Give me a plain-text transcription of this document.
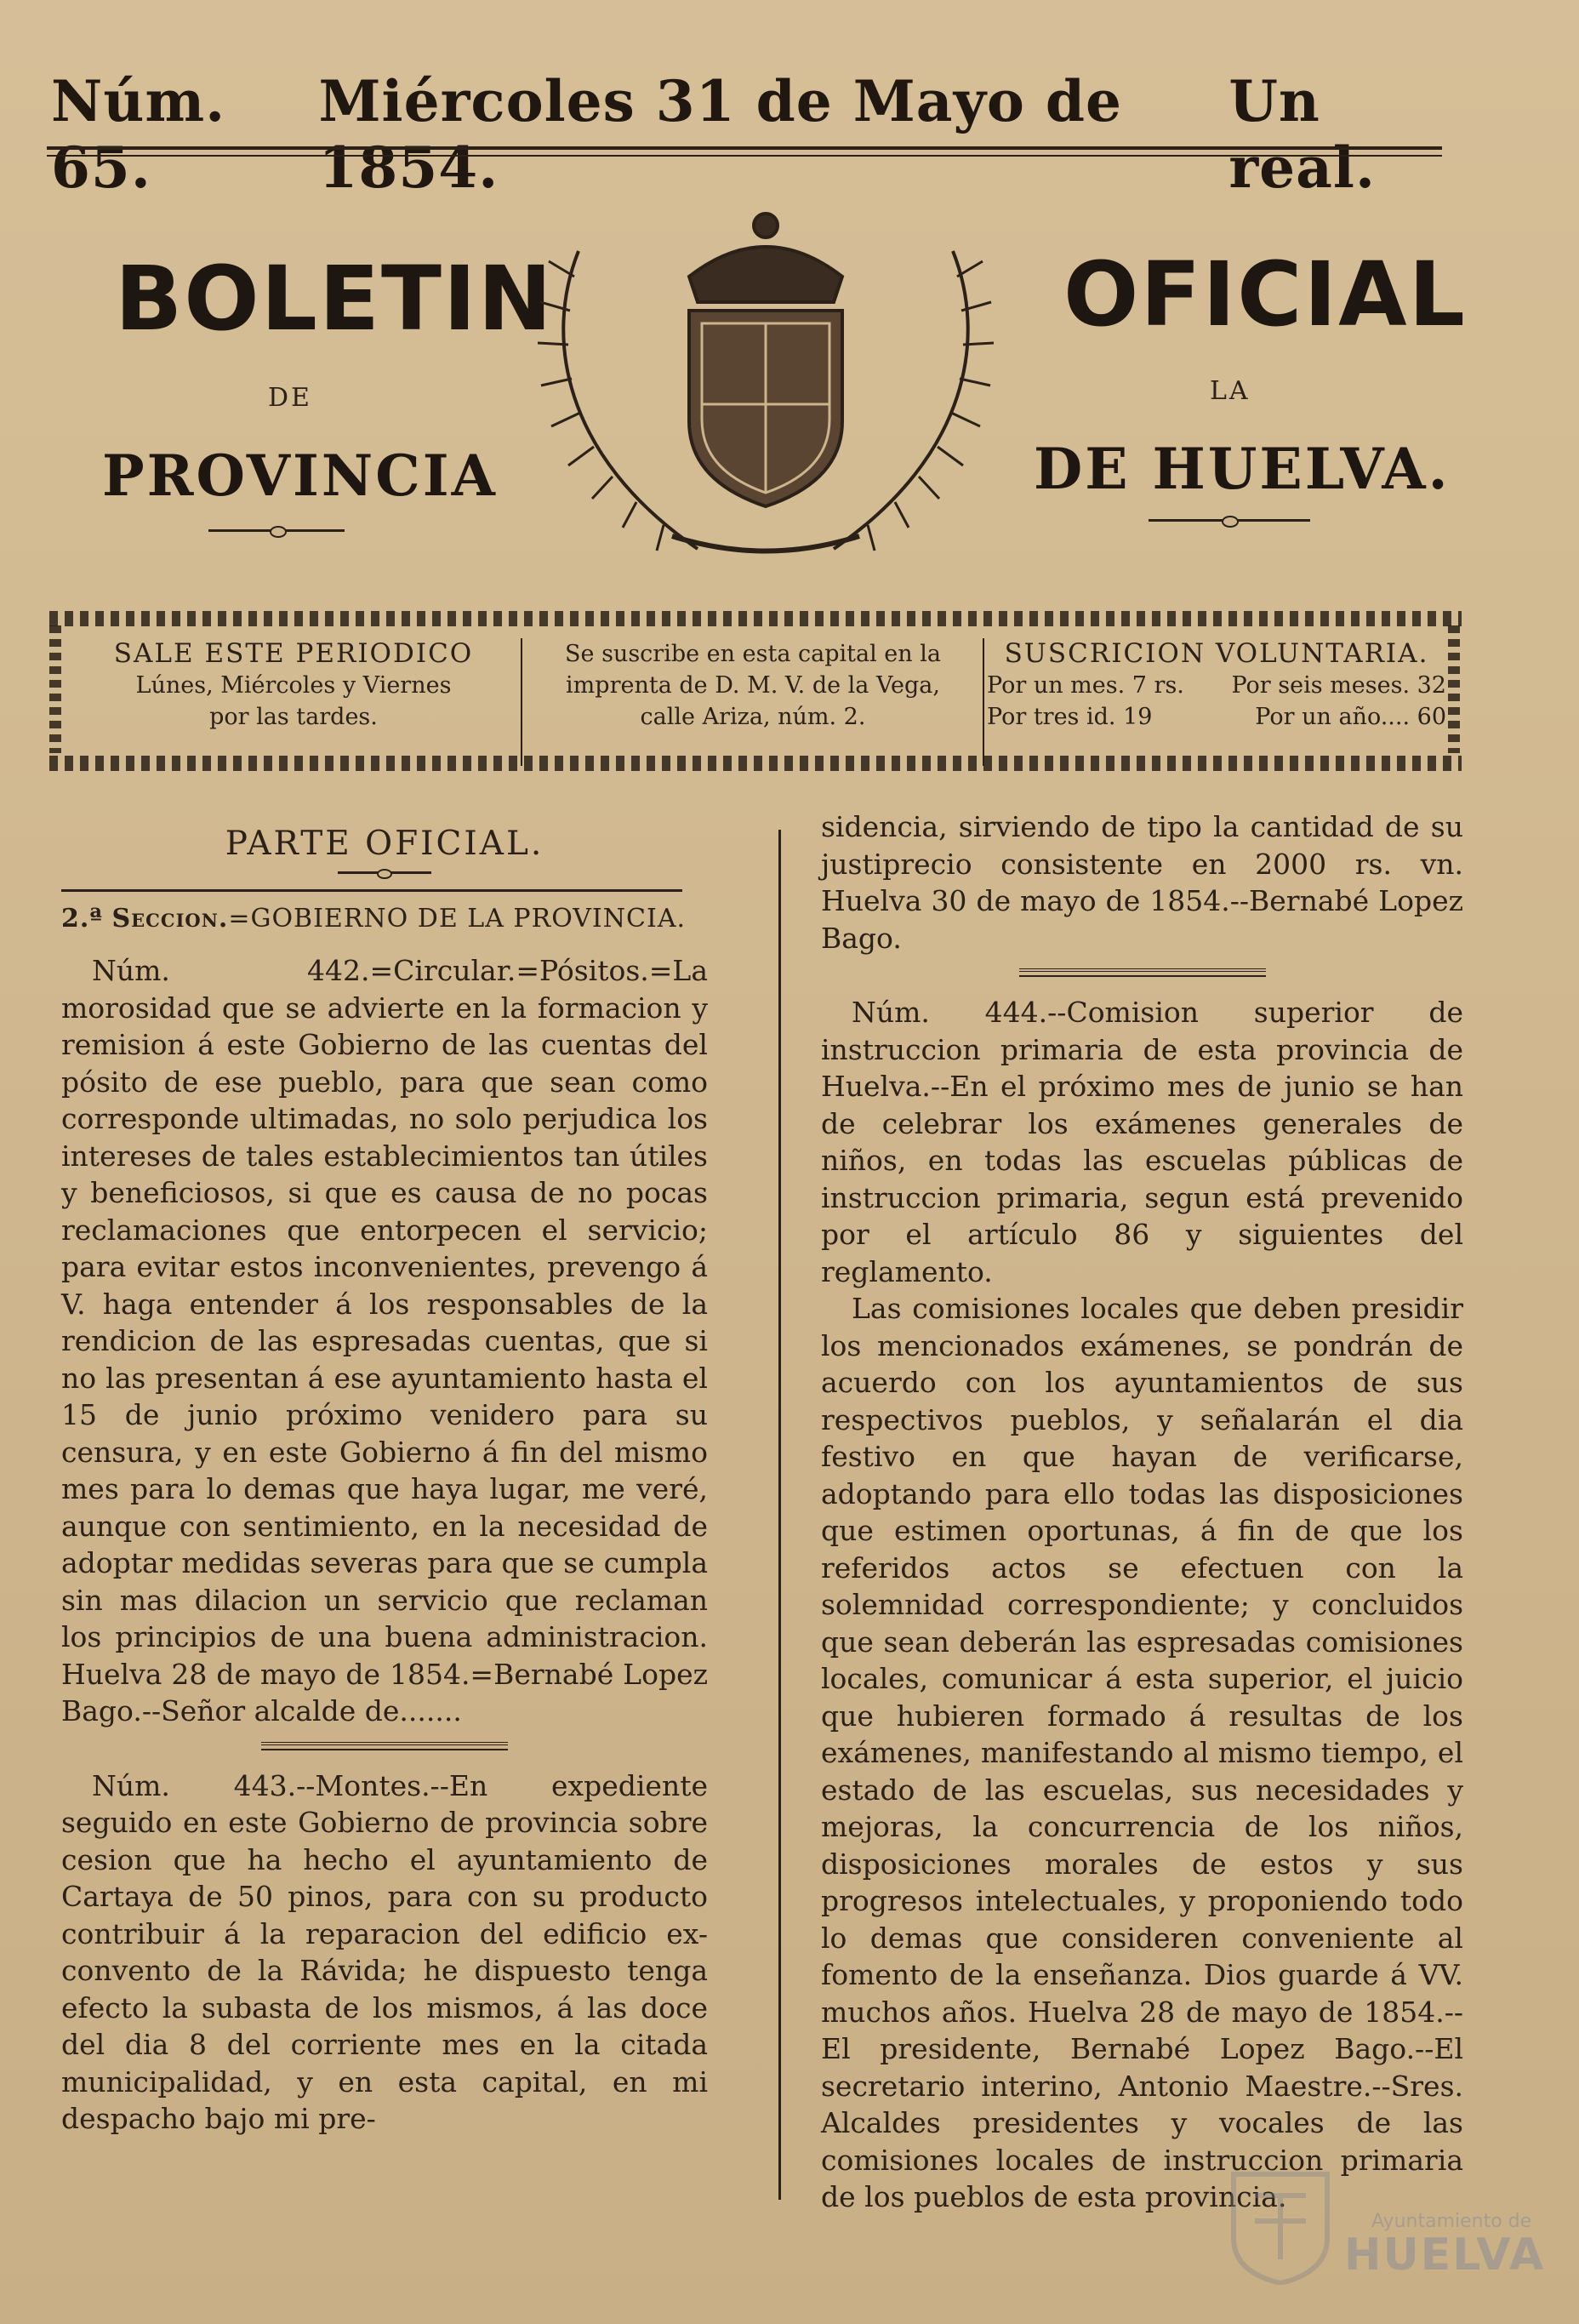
Núm. 65.
Miércoles 31 de Mayo de 1854.
Un real.
BOLETIN
DE
PROVINCIA
OFICIAL
LA
DE HUELVA.
SALE ESTE PERIODICO
Lúnes, Miércoles y Viernes
por las tardes.
Se suscribe en esta capital en la
imprenta de D. M. V. de la Vega,
calle Ariza, núm. 2.
SUSCRICION VOLUNTARIA.
Por un mes. 7 rs. Por seis meses. 32
Por tres id. 19	Por un año.... 60

PARTE OFICIAL.

2.ª Seccion.=GOBIERNO DE LA PROVINCIA.

Núm. 442.=Circular.=Pósitos.=La morosidad que se advierte en la formacion y remision á este Gobierno de las cuentas del pósito de ese pueblo, para que sean como corresponde ultimadas, no solo perjudica los intereses de tales establecimientos tan útiles y beneficiosos, si que es causa de no pocas reclamaciones que entorpecen el servicio; para evitar estos inconvenientes, prevengo á V. haga entender á los responsables de la rendicion de las espresadas cuentas, que si no las presentan á ese ayuntamiento hasta el 15 de junio próximo venidero para su censura, y en este Gobierno á fin del mismo mes para lo demas que haya lugar, me veré, aunque con sentimiento, en la necesidad de adoptar medidas severas para que se cumpla sin mas dilacion un servicio que reclaman los principios de una buena administracion. Huelva 28 de mayo de 1854.=Bernabé Lopez Bago.--Señor alcalde de.......

Núm. 443.--Montes.--En expediente seguido en este Gobierno de provincia sobre cesion que ha hecho el ayuntamiento de Cartaya de 50 pinos, para con su producto contribuir á la reparacion del edificio ex-convento de la Rávida; he dispuesto tenga efecto la subasta de los mismos, á las doce del dia 8 del corriente mes en la citada municipalidad, y en esta capital, en mi despacho bajo mi pre-

sidencia, sirviendo de tipo la cantidad de su justiprecio consistente en 2000 rs. vn. Huelva 30 de mayo de 1854.--Bernabé Lopez Bago.

Núm. 444.--Comision superior de instruccion primaria de esta provincia de Huelva.--En el próximo mes de junio se han de celebrar los exámenes generales de niños, en todas las escuelas públicas de instruccion primaria, segun está prevenido por el artículo 86 y siguientes del reglamento.

Las comisiones locales que deben presidir los mencionados exámenes, se pondrán de acuerdo con los ayuntamientos de sus respectivos pueblos, y señalarán el dia festivo en que hayan de verificarse, adoptando para ello todas las disposiciones que estimen oportunas, á fin de que los referidos actos se efectuen con la solemnidad correspondiente; y concluidos que sean deberán las espresadas comisiones locales, comunicar á esta superior, el juicio que hubieren formado á resultas de los exámenes, manifestando al mismo tiempo, el estado de las escuelas, sus necesidades y mejoras, la concurrencia de los niños, disposiciones morales de estos y sus progresos intelectuales, y proponiendo todo lo demas que consideren conveniente al fomento de la enseñanza. Dios guarde á VV. muchos años. Huelva 28 de mayo de 1854.--El presidente, Bernabé Lopez Bago.--El secretario interino, Antonio Maestre.--Sres. Alcaldes presidentes y vocales de las comisiones locales de instruccion primaria de los pueblos de esta provincia.

Ayuntamiento de
HUELVA
